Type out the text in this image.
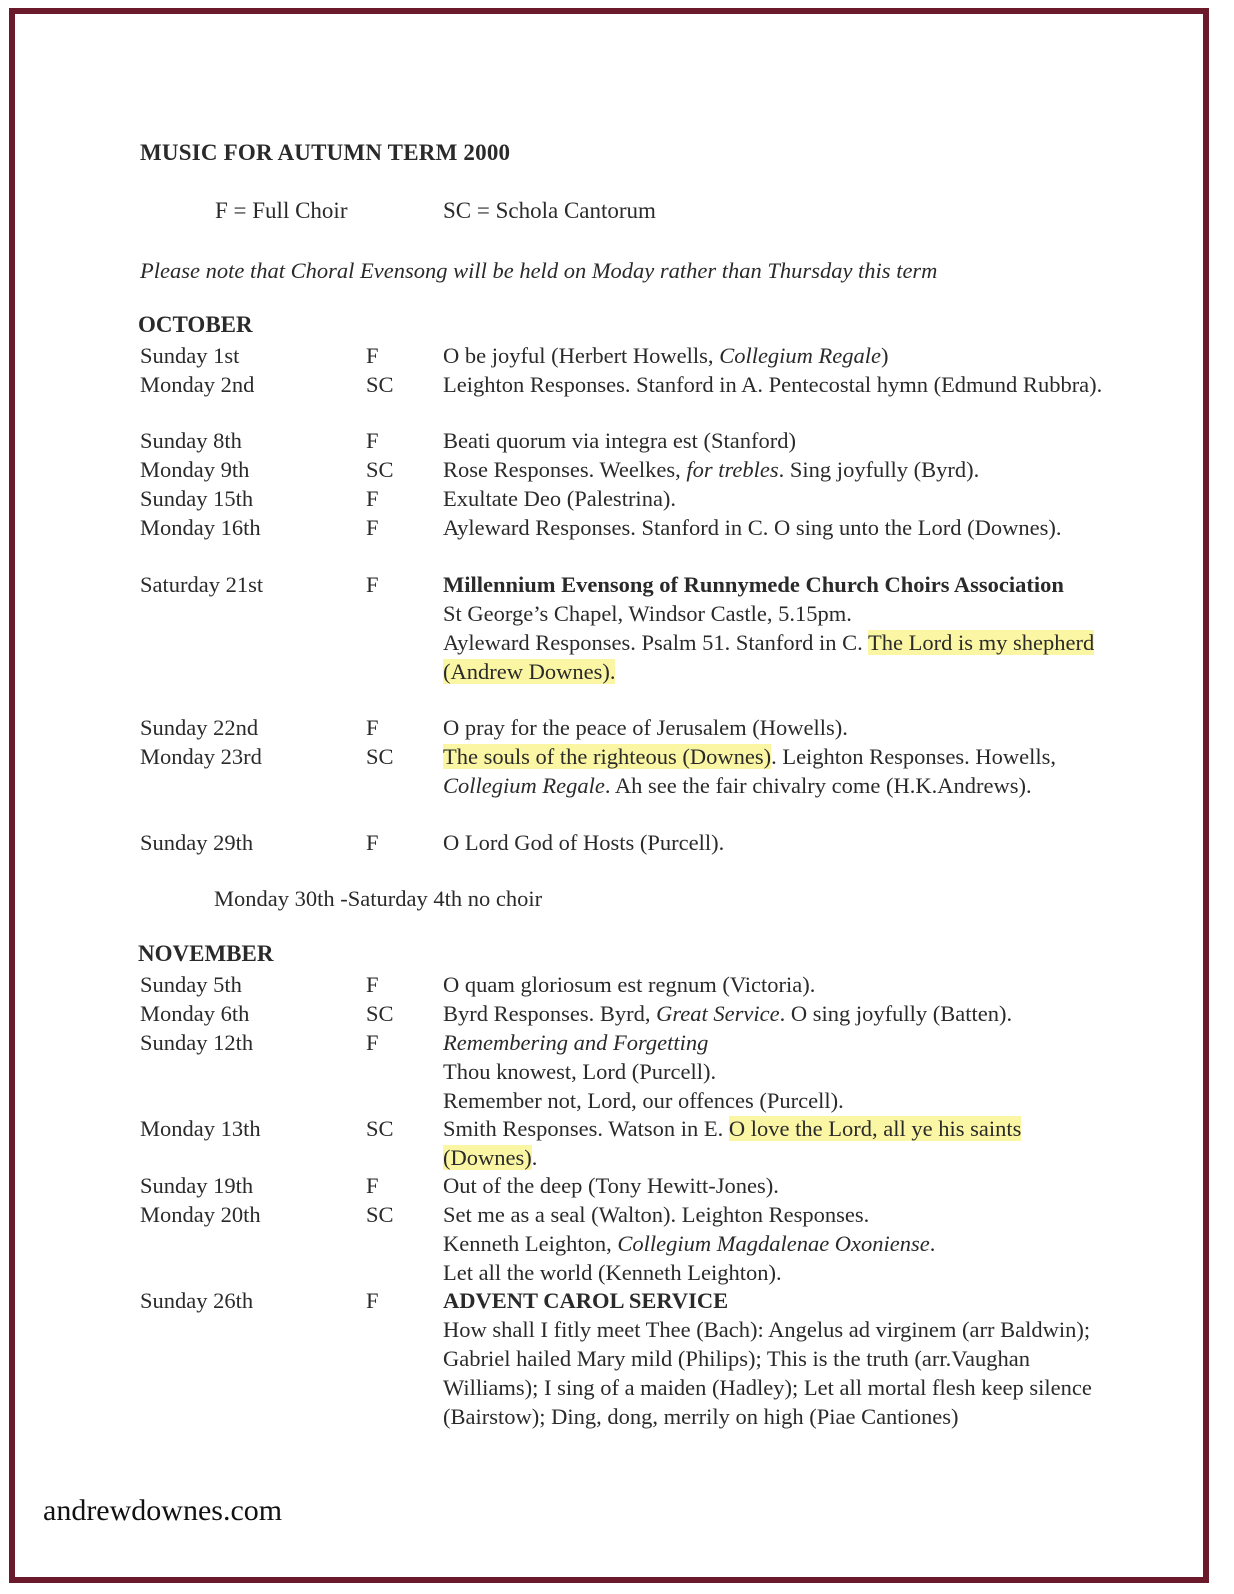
MUSIC FOR AUTUMN TERM 2000
F = Full Choir	SC = Schola Cantorum
Please note that Choral Evensong will be held on Moday rather than Thursday this term
OCTOBER
Sunday 1st	F	O be joyful (Herbert Howells, Collegium Regale)
Monday 2nd	SC Leighton Responses. Stanford in A. Pentecostal hymn (Edmund Rubbra).
Sunday 8th	F	Beati quorum via integra est (Stanford)
Monday 9th	SC Rose Responses. Weelkes, for trebles. Sing joyfully (Byrd).
Sunday 15th	F	Exultate Deo (Palestrina).
Monday 16th	F	Ayleward Responses. Stanford in C. O sing unto the Lord (Downes).
Saturday 21st	F	Millennium Evensong of Runnymede Church Choirs Association
St George’s Chapel, Windsor Castle, 5.15pm.
Ayleward Responses. Psalm 51. Stanford in C. The Lord is my shepherd (Andrew Downes).
Sunday 22nd	F	O pray for the peace of Jerusalem (Howells).
Monday 23rd	SC The souls of the righteous (Downes). Leighton Responses. Howells, Collegium Regale. Ah see the fair chivalry come (H.K.Andrews).
Sunday 29th	F	O Lord God of Hosts (Purcell).
Monday 30th -Saturday 4th no choir
NOVEMBER
Sunday 5th	F	O quam gloriosum est regnum (Victoria).
Monday 6th	SC Byrd Responses. Byrd, Great Service. O sing joyfully (Batten).
Sunday 12th	F	Remembering and Forgetting
Thou knowest, Lord (Purcell).
Remember not, Lord, our offences (Purcell).
Monday 13th	SC Smith Responses. Watson in E. O love the Lord, all ye his saints (Downes).
Sunday 19th	F	Out of the deep (Tony Hewitt-Jones).
Monday 20th	SC Set me as a seal (Walton). Leighton Responses.
Kenneth Leighton, Collegium Magdalenae Oxoniense.
Let all the world (Kenneth Leighton).
Sunday 26th	F	ADVENT CAROL SERVICE
How shall I fitly meet Thee (Bach): Angelus ad virginem (arr Baldwin); Gabriel hailed Mary mild (Philips); This is the truth (arr.Vaughan Williams); I sing of a maiden (Hadley); Let all mortal flesh keep silence (Bairstow); Ding, dong, merrily on high (Piae Cantiones)
andrewdownes.com
